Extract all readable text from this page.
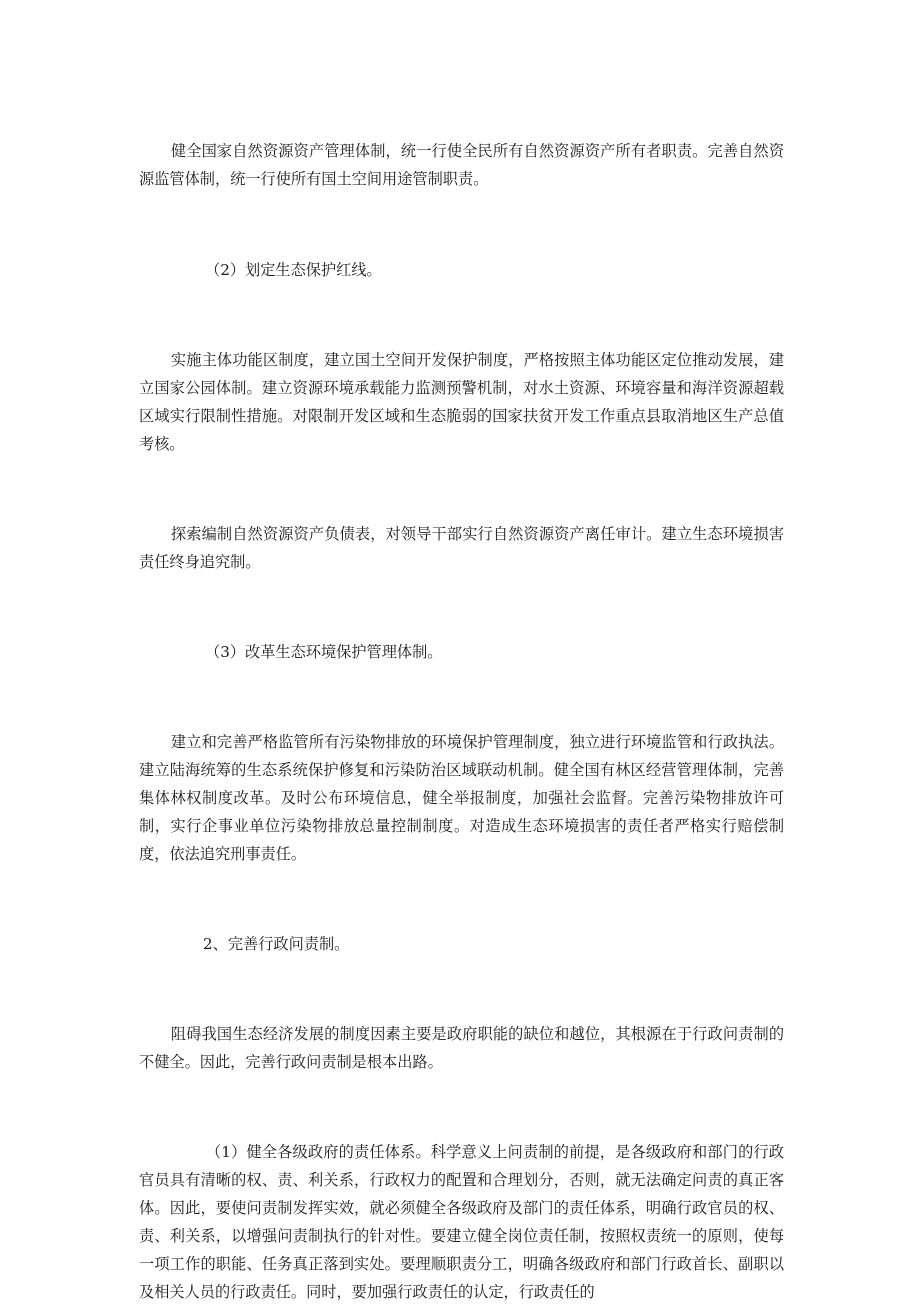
健全国家自然资源资产管理体制，统一行使全民所有自然资源资产所有者职责。完善自然资源监管体制，统一行使所有国土空间用途管制职责。

（2）划定生态保护红线。

实施主体功能区制度，建立国土空间开发保护制度，严格按照主体功能区定位推动发展，建立国家公园体制。建立资源环境承载能力监测预警机制，对水土资源、环境容量和海洋资源超载区域实行限制性措施。对限制开发区域和生态脆弱的国家扶贫开发工作重点县取消地区生产总值考核。

探索编制自然资源资产负债表，对领导干部实行自然资源资产离任审计。建立生态环境损害责任终身追究制。

（3）改革生态环境保护管理体制。

建立和完善严格监管所有污染物排放的环境保护管理制度，独立进行环境监管和行政执法。建立陆海统筹的生态系统保护修复和污染防治区域联动机制。健全国有林区经营管理体制，完善集体林权制度改革。及时公布环境信息，健全举报制度，加强社会监督。完善污染物排放许可制，实行企事业单位污染物排放总量控制制度。对造成生态环境损害的责任者严格实行赔偿制度，依法追究刑事责任。

2、完善行政问责制。

阻碍我国生态经济发展的制度因素主要是政府职能的缺位和越位，其根源在于行政问责制的不健全。因此，完善行政问责制是根本出路。

（1）健全各级政府的责任体系。科学意义上问责制的前提，是各级政府和部门的行政官员具有清晰的权、责、利关系，行政权力的配置和合理划分，否则，就无法确定问责的真正客体。因此，要使问责制发挥实效，就必须健全各级政府及部门的责任体系，明确行政官员的权、责、利关系，以增强问责制执行的针对性。要建立健全岗位责任制，按照权责统一的原则，使每一项工作的职能、任务真正落到实处。要理顺职责分工，明确各级政府和部门行政首长、副职以及相关人员的行政责任。同时，要加强行政责任的认定，行政责任的
